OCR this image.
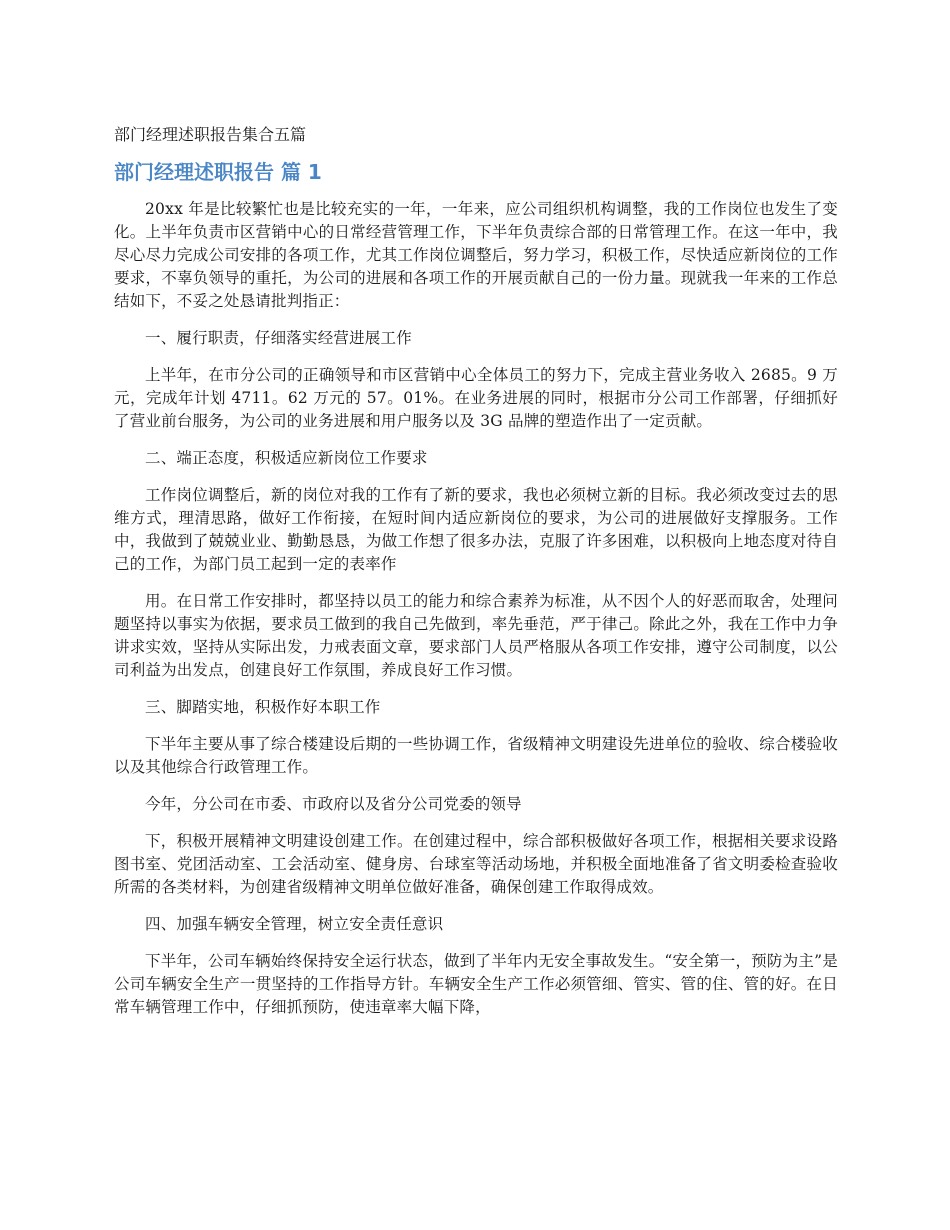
部门经理述职报告集合五篇
部门经理述职报告 篇 1

20xx 年是比较繁忙也是比较充实的一年，一年来，应公司组织机构调整，我的工作岗位也发生了变化。上半年负责市区营销中心的日常经营管理工作，下半年负责综合部的日常管理工作。在这一年中，我尽心尽力完成公司安排的各项工作，尤其工作岗位调整后，努力学习，积极工作，尽快适应新岗位的工作要求，不辜负领导的重托，为公司的进展和各项工作的开展贡献自己的一份力量。现就我一年来的工作总结如下，不妥之处恳请批判指正：

一、履行职责，仔细落实经营进展工作

上半年，在市分公司的正确领导和市区营销中心全体员工的努力下，完成主营业务收入 2685。9 万元，完成年计划 4711。62 万元的 57。01%。在业务进展的同时，根据市分公司工作部署，仔细抓好了营业前台服务，为公司的业务进展和用户服务以及 3G 品牌的塑造作出了一定贡献。

二、端正态度，积极适应新岗位工作要求

工作岗位调整后，新的岗位对我的工作有了新的要求，我也必须树立新的目标。我必须改变过去的思维方式，理清思路，做好工作衔接，在短时间内适应新岗位的要求，为公司的进展做好支撑服务。工作中，我做到了兢兢业业、勤勤恳恳，为做工作想了很多办法，克服了许多困难，以积极向上地态度对待自己的工作，为部门员工起到一定的表率作

用。在日常工作安排时，都坚持以员工的能力和综合素养为标准，从不因个人的好恶而取舍，处理问题坚持以事实为依据，要求员工做到的我自己先做到，率先垂范，严于律己。除此之外，我在工作中力争讲求实效，坚持从实际出发，力戒表面文章，要求部门人员严格服从各项工作安排，遵守公司制度，以公司利益为出发点，创建良好工作氛围，养成良好工作习惯。

三、脚踏实地，积极作好本职工作

下半年主要从事了综合楼建设后期的一些协调工作，省级精神文明建设先进单位的验收、综合楼验收以及其他综合行政管理工作。

今年，分公司在市委、市政府以及省分公司党委的领导

下，积极开展精神文明建设创建工作。在创建过程中，综合部积极做好各项工作，根据相关要求设路图书室、党团活动室、工会活动室、健身房、台球室等活动场地，并积极全面地准备了省文明委检查验收所需的各类材料，为创建省级精神文明单位做好准备，确保创建工作取得成效。

四、加强车辆安全管理，树立安全责任意识

下半年，公司车辆始终保持安全运行状态，做到了半年内无安全事故发生。“安全第一，预防为主”是公司车辆安全生产一贯坚持的工作指导方针。车辆安全生产工作必须管细、管实、管的住、管的好。在日常车辆管理工作中，仔细抓预防，使违章率大幅下降，
